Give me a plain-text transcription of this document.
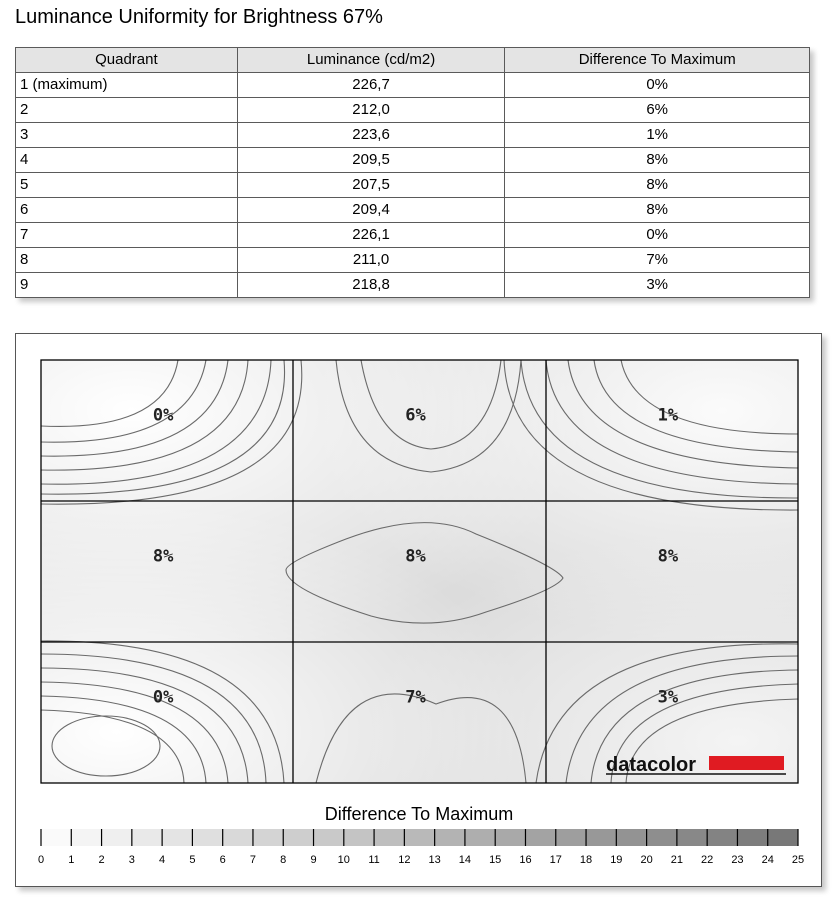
Luminance Uniformity for Brightness 67%
Quadrant	Luminance (cd/m2)	Difference To Maximum
1 (maximum)	226,7	0%
2	212,0	6%
3	223,6	1%
4	209,5	8%
5	207,5	8%
6	209,4	8%
7	226,1	0%
8	211,0	7%
9	218,8	3%
0%	6%	1%
8%	8%	8%
0%	7%	3%
datacolor
Difference To Maximum
0 1 2 3 4 5 6 7 8 9 10 11 12 13 14 15 16 17 18 19 20 21 22 23 24 25
